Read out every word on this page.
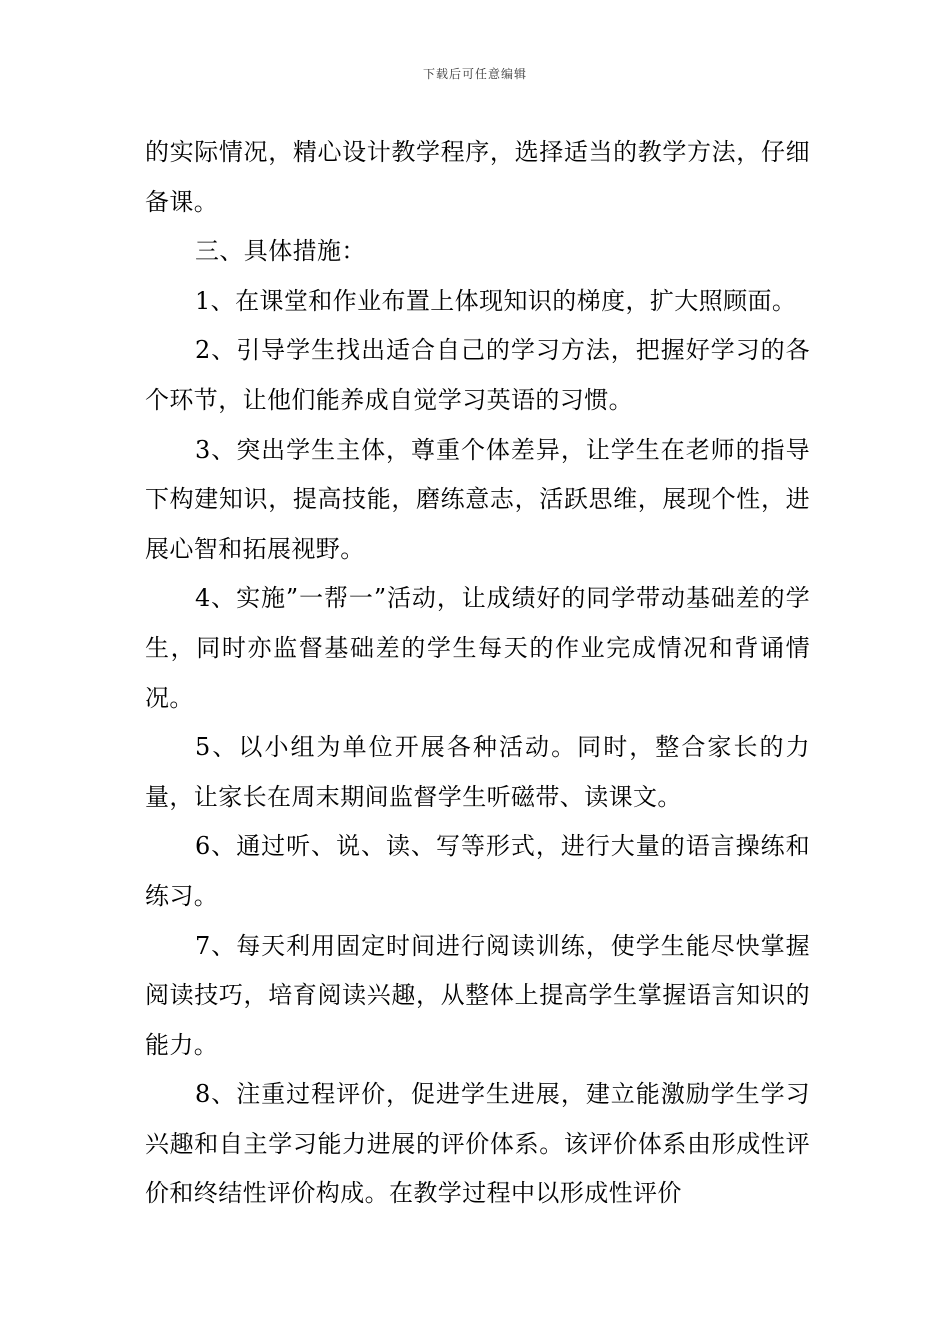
下载后可任意编辑

的实际情况，精心设计教学程序，选择适当的教学方法，仔细备课。

三、具体措施：

1、在课堂和作业布置上体现知识的梯度，扩大照顾面。

2、引导学生找出适合自己的学习方法，把握好学习的各个环节，让他们能养成自觉学习英语的习惯。

3、突出学生主体，尊重个体差异，让学生在老师的指导下构建知识，提高技能，磨练意志，活跃思维，展现个性，进展心智和拓展视野。

4、实施”一帮一”活动，让成绩好的同学带动基础差的学生，同时亦监督基础差的学生每天的作业完成情况和背诵情况。

5、以小组为单位开展各种活动。同时，整合家长的力量，让家长在周末期间监督学生听磁带、读课文。

6、通过听、说、读、写等形式，进行大量的语言操练和练习。

7、每天利用固定时间进行阅读训练，使学生能尽快掌握阅读技巧，培育阅读兴趣，从整体上提高学生掌握语言知识的能力。

8、注重过程评价，促进学生进展，建立能激励学生学习兴趣和自主学习能力进展的评价体系。该评价体系由形成性评价和终结性评价构成。在教学过程中以形成性评价
